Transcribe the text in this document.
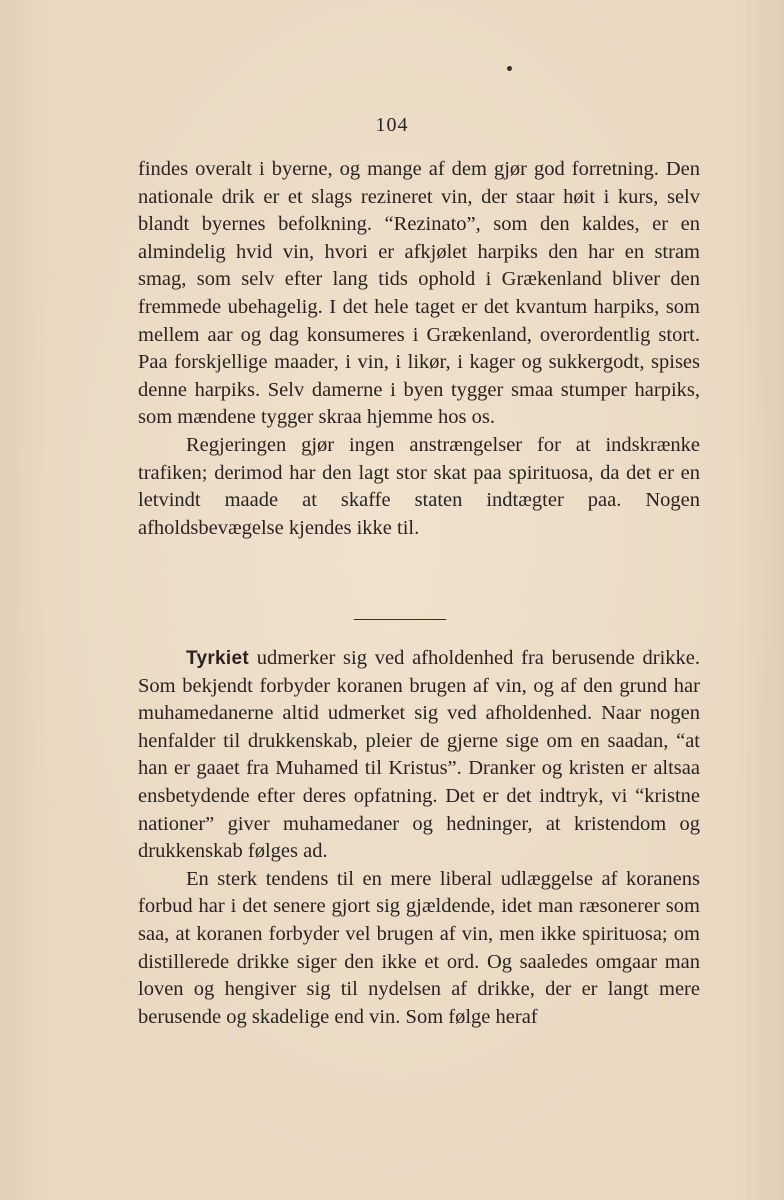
104

findes overalt i byerne, og mange af dem gjør god forretning. Den nationale drik er et slags rezineret vin, der staar høit i kurs, selv blandt byernes befolkning. “Rezinato”, som den kaldes, er en almindelig hvid vin, hvori er afkjølet harpiks den har en stram smag, som selv efter lang tids ophold i Grækenland bliver den fremmede ubehagelig. I det hele taget er det kvantum harpiks, som mellem aar og dag konsumeres i Grækenland, overordentlig stort. Paa forskjellige maader, i vin, i likør, i kager og sukkergodt, spises denne harpiks. Selv damerne i byen tygger smaa stumper harpiks, som mændene tygger skraa hjemme hos os.

Regjeringen gjør ingen anstrængelser for at indskrænke trafiken; derimod har den lagt stor skat paa spirituosa, da det er en letvindt maade at skaffe staten indtægter paa. Nogen afholdsbevægelse kjendes ikke til.

Tyrkiet udmerker sig ved afholdenhed fra berusende drikke. Som bekjendt forbyder koranen brugen af vin, og af den grund har muhamedanerne altid udmerket sig ved afholdenhed. Naar nogen henfalder til drukkenskab, pleier de gjerne sige om en saadan, “at han er gaaet fra Muhamed til Kristus”. Dranker og kristen er altsaa ensbetydende efter deres opfatning. Det er det indtryk, vi “kristne nationer” giver muhamedaner og hedninger, at kristendom og drukkenskab følges ad.

En sterk tendens til en mere liberal udlæggelse af koranens forbud har i det senere gjort sig gjældende, idet man ræsonerer som saa, at koranen forbyder vel brugen af vin, men ikke spirituosa; om distillerede drikke siger den ikke et ord. Og saaledes omgaar man loven og hengiver sig til nydelsen af drikke, der er langt mere berusende og skadelige end vin. Som følge heraf
